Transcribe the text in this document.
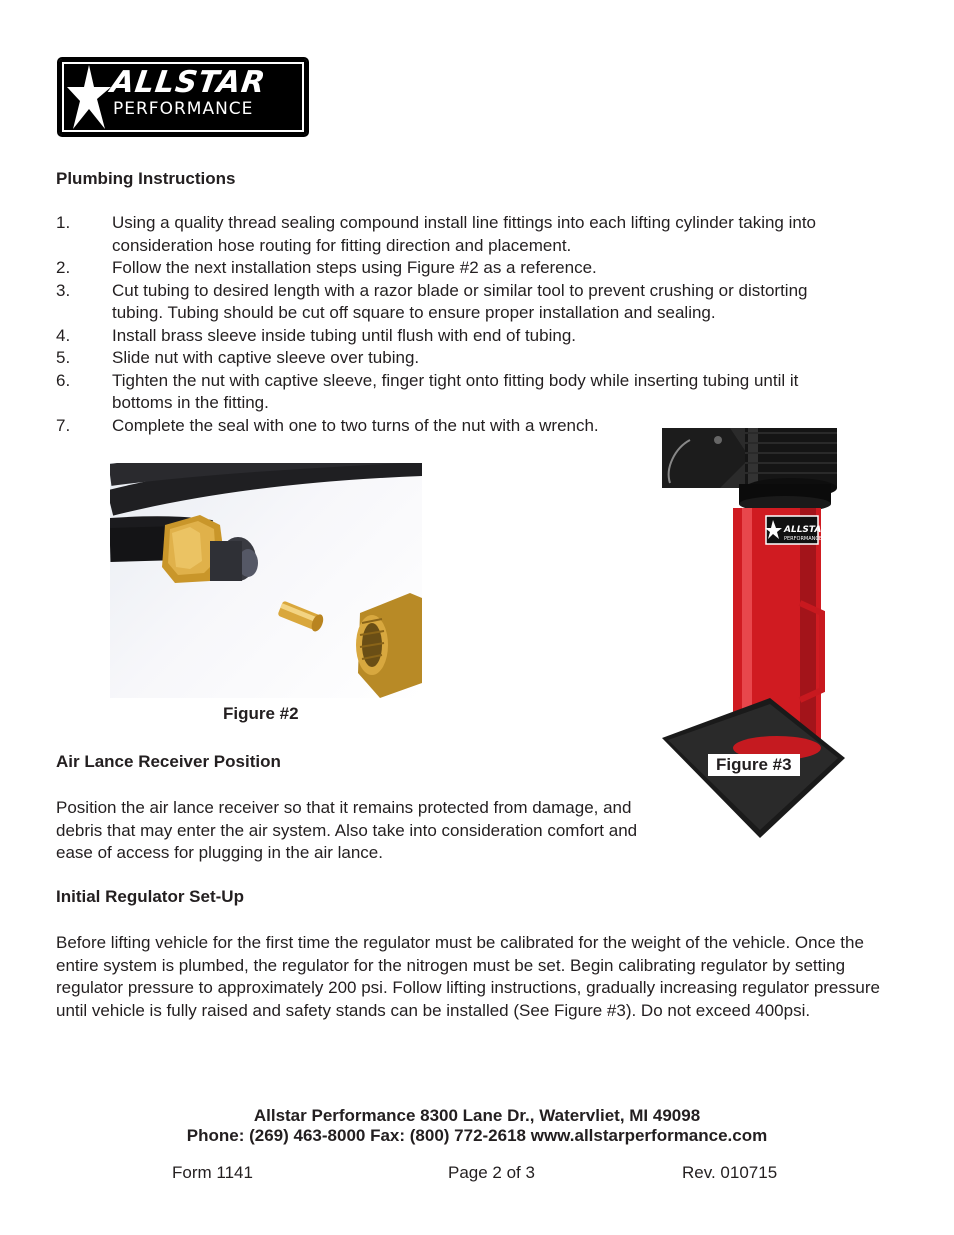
ALLSTAR
PERFORMANCE
Plumbing Instructions
1.	Using a quality thread sealing compound install line fittings into each lifting cylinder taking into consideration hose routing for fitting direction and placement.
2.	Follow the next installation steps using Figure #2 as a reference.
3.	Cut tubing to desired length with a razor blade or similar tool to prevent crushing or distorting tubing. Tubing should be cut off square to ensure proper installation and sealing.
4.	Install brass sleeve inside tubing until flush with end of tubing.
5.	Slide nut with captive sleeve over tubing.
6.	Tighten the nut with captive sleeve, finger tight onto fitting body while inserting tubing until it bottoms in the fitting.
7.	Complete the seal with one to two turns of the nut with a wrench.
Figure #2
ALLSTAR
PERFORMANCE
Figure #3
Air Lance Receiver Position
Position the air lance receiver so that it remains protected from damage, and debris that may enter the air system. Also take into consideration comfort and ease of access for plugging in the air lance.
Initial Regulator Set-Up
Before lifting vehicle for the first time the regulator must be calibrated for the weight of the vehicle. Once the entire system is plumbed, the regulator for the nitrogen must be set. Begin calibrating regulator by setting regulator pressure to approximately 200 psi. Follow lifting instructions, gradually increasing regulator pressure until vehicle is fully raised and safety stands can be installed (See Figure #3). Do not exceed 400psi.
Allstar Performance 8300 Lane Dr., Watervliet, MI 49098
Phone: (269) 463-8000 Fax: (800) 772-2618 www.allstarperformance.com
Form 1141	Page 2 of 3	Rev. 010715
